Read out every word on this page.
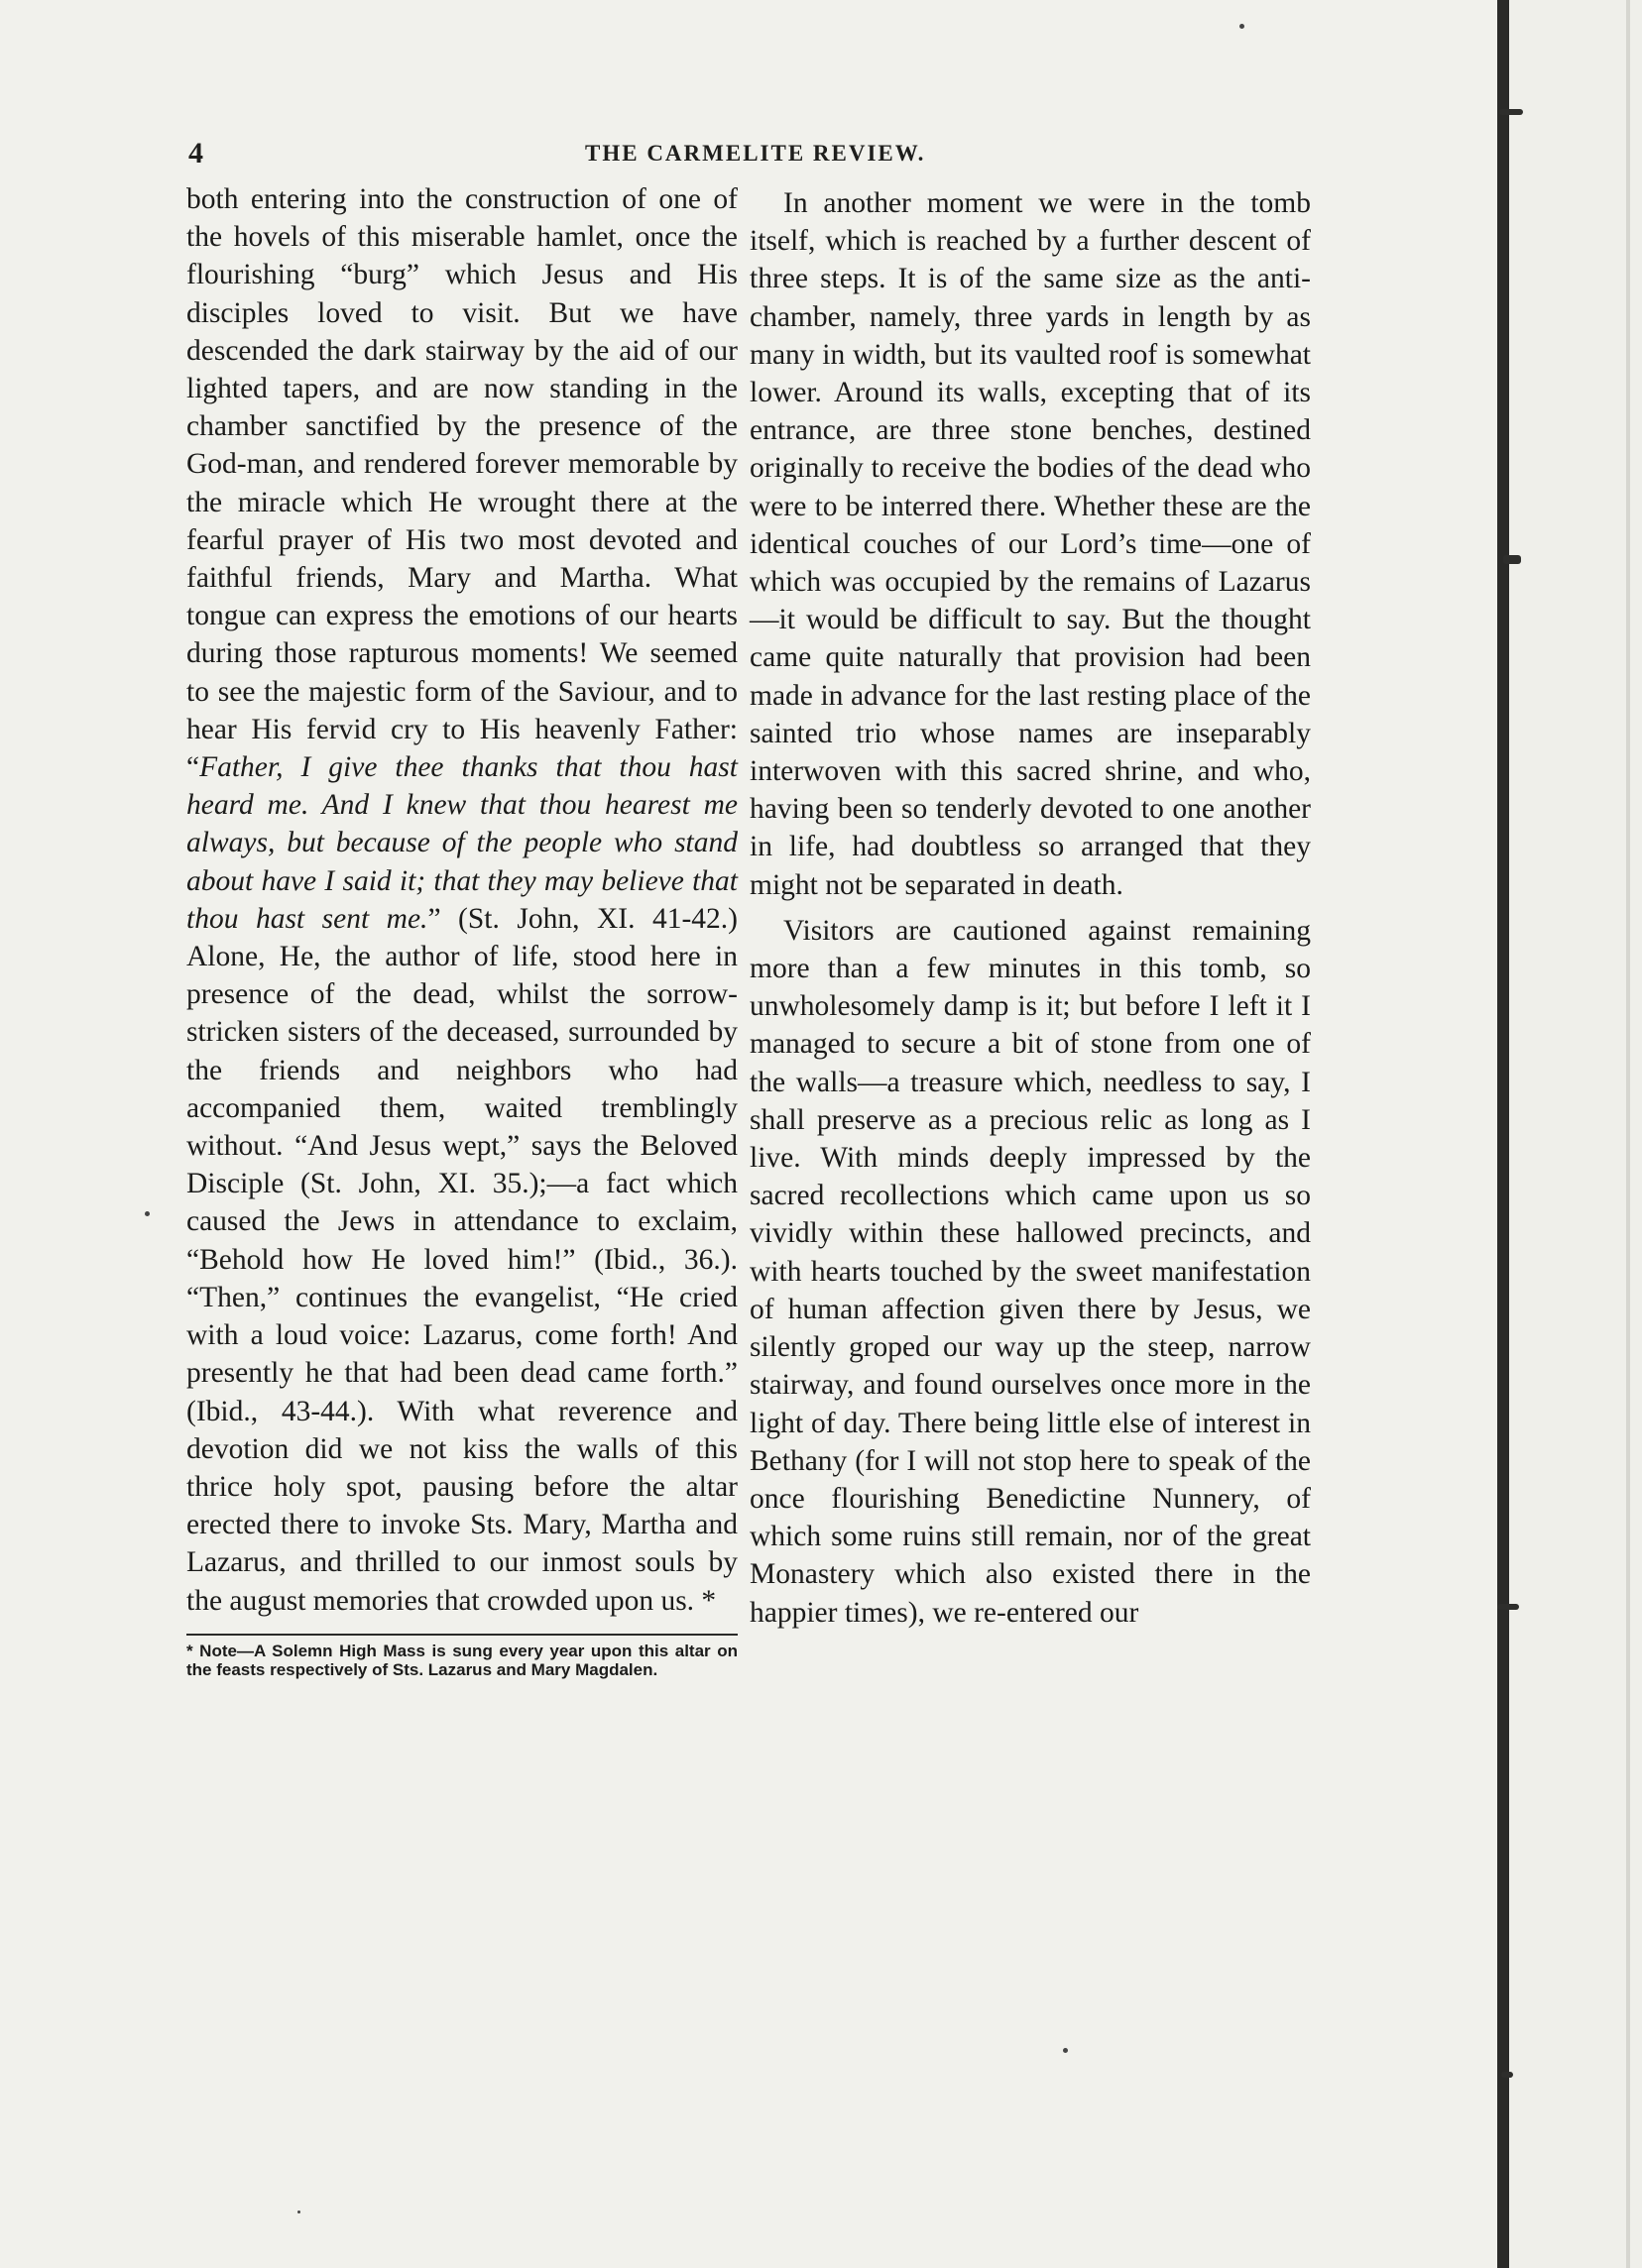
4	THE CARMELITE REVIEW.

both entering into the construction of one of the hovels of this miserable hamlet, once the flourishing “burg” which Jesus and His disciples loved to visit. But we have descended the dark stairway by the aid of our lighted tapers, and are now standing in the chamber sanctified by the presence of the God-man, and rendered forever memorable by the miracle which He wrought there at the fearful prayer of His two most devoted and faithful friends, Mary and Martha. What tongue can express the emotions of our hearts during those rapturous moments! We seemed to see the majestic form of the Saviour, and to hear His fervid cry to His heavenly Father: “Father, I give thee thanks that thou hast heard me. And I knew that thou hearest me always, but because of the people who stand about have I said it; that they may believe that thou hast sent me.” (St. John, XI. 41-42.) Alone, He, the author of life, stood here in presence of the dead, whilst the sorrow-stricken sisters of the deceased, surrounded by the friends and neighbors who had accompanied them, waited tremblingly without. “And Jesus wept,” says the Beloved Disciple (St. John, XI. 35.);—a fact which caused the Jews in attendance to exclaim, “Behold how He loved him!” (Ibid., 36.). “Then,” continues the evangelist, “He cried with a loud voice: Lazarus, come forth! And presently he that had been dead came forth.” (Ibid., 43-44.). With what reverence and devotion did we not kiss the walls of this thrice holy spot, pausing before the altar erected there to invoke Sts. Mary, Martha and Lazarus, and thrilled to our inmost souls by the august memories that crowded upon us. *

* Note—A Solemn High Mass is sung every year upon this altar on the feasts respectively of Sts. Lazarus and Mary Magdalen.

In another moment we were in the tomb itself, which is reached by a further descent of three steps. It is of the same size as the anti-chamber, namely, three yards in length by as many in width, but its vaulted roof is somewhat lower. Around its walls, excepting that of its entrance, are three stone benches, destined originally to receive the bodies of the dead who were to be interred there. Whether these are the identical couches of our Lord’s time—one of which was occupied by the remains of Lazarus—it would be difficult to say. But the thought came quite naturally that provision had been made in advance for the last resting place of the sainted trio whose names are inseparably interwoven with this sacred shrine, and who, having been so tenderly devoted to one another in life, had doubtless so arranged that they might not be separated in death.

Visitors are cautioned against remaining more than a few minutes in this tomb, so unwholesomely damp is it; but before I left it I managed to secure a bit of stone from one of the walls—a treasure which, needless to say, I shall preserve as a precious relic as long as I live. With minds deeply impressed by the sacred recollections which came upon us so vividly within these hallowed precincts, and with hearts touched by the sweet manifestation of human affection given there by Jesus, we silently groped our way up the steep, narrow stairway, and found ourselves once more in the light of day. There being little else of interest in Bethany (for I will not stop here to speak of the once flourishing Benedictine Nunnery, of which some ruins still remain, nor of the great Monastery which also existed there in the happier times), we re-entered our
